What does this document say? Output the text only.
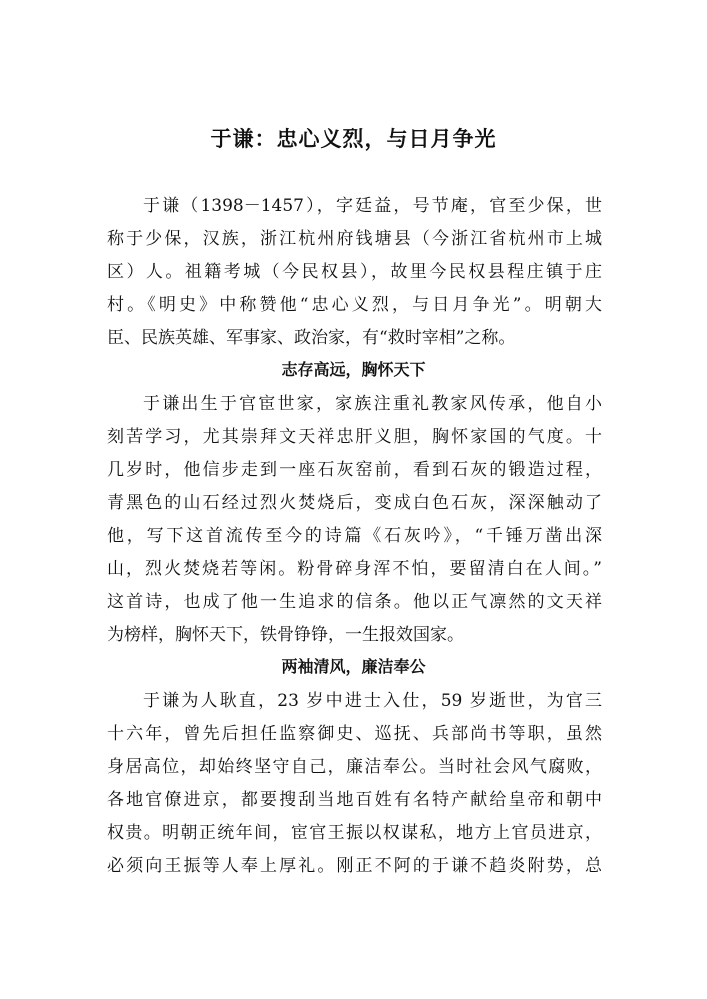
于谦：忠心义烈，与日月争光
于谦（1398－1457），字廷益，号节庵，官至少保，世
称于少保，汉族，浙江杭州府钱塘县（今浙江省杭州市上城
区）人。祖籍考城（今民权县），故里今民权县程庄镇于庄
村。《明史》中称赞他“忠心义烈，与日月争光”。明朝大
臣、民族英雄、军事家、政治家，有“救时宰相”之称。
志存高远，胸怀天下
于谦出生于官宦世家，家族注重礼教家风传承，他自小
刻苦学习，尤其崇拜文天祥忠肝义胆，胸怀家国的气度。十
几岁时，他信步走到一座石灰窑前，看到石灰的锻造过程，
青黑色的山石经过烈火焚烧后，变成白色石灰，深深触动了
他，写下这首流传至今的诗篇《石灰吟》，“千锤万凿出深
山，烈火焚烧若等闲。粉骨碎身浑不怕，要留清白在人间。”
这首诗，也成了他一生追求的信条。他以正气凛然的文天祥
为榜样，胸怀天下，铁骨铮铮，一生报效国家。
两袖清风，廉洁奉公
于谦为人耿直，23 岁中进士入仕，59 岁逝世，为官三
十六年，曾先后担任监察御史、巡抚、兵部尚书等职，虽然
身居高位，却始终坚守自己，廉洁奉公。当时社会风气腐败，
各地官僚进京，都要搜刮当地百姓有名特产献给皇帝和朝中
权贵。明朝正统年间，宦官王振以权谋私，地方上官员进京，
必须向王振等人奉上厚礼。刚正不阿的于谦不趋炎附势，总
